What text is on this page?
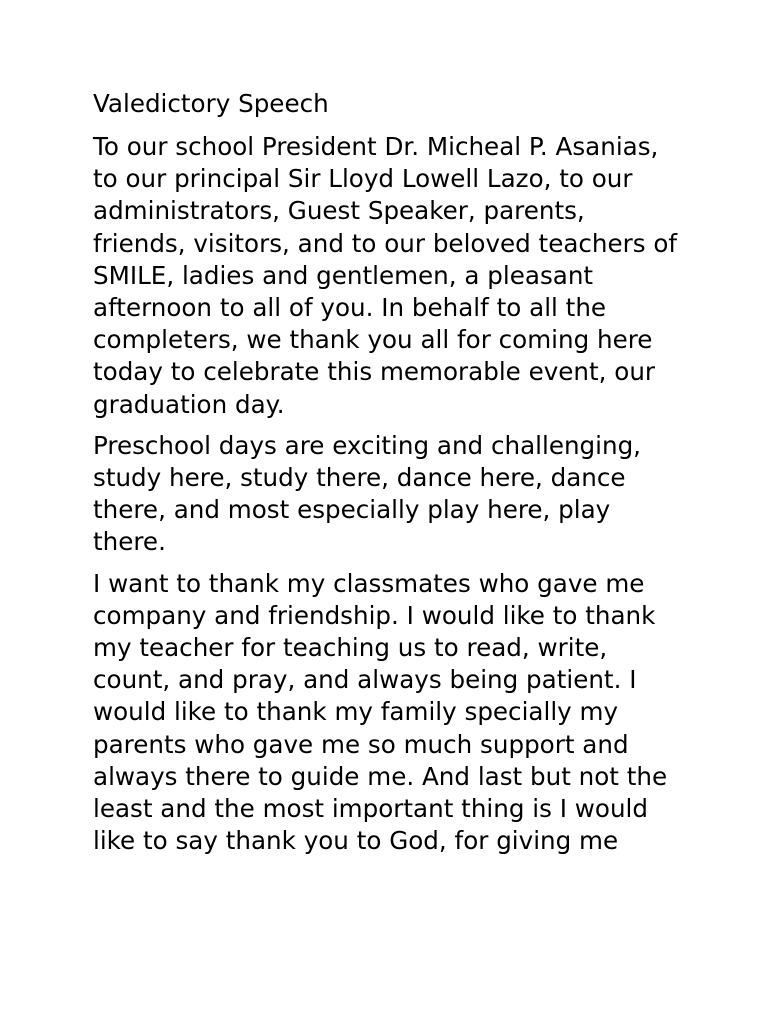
Valedictory Speech

To our school President Dr. Micheal P. Asanias, to our principal Sir Lloyd Lowell Lazo, to our administrators, Guest Speaker, parents, friends, visitors, and to our beloved teachers of SMILE, ladies and gentlemen, a pleasant afternoon to all of you. In behalf to all the completers, we thank you all for coming here today to celebrate this memorable event, our graduation day.

Preschool days are exciting and challenging, study here, study there, dance here, dance there, and most especially play here, play there.

I want to thank my classmates who gave me company and friendship. I would like to thank my teacher for teaching us to read, write, count, and pray, and always being patient. I would like to thank my family specially my parents who gave me so much support and always there to guide me. And last but not the least and the most important thing is I would like to say thank you to God, for giving me
